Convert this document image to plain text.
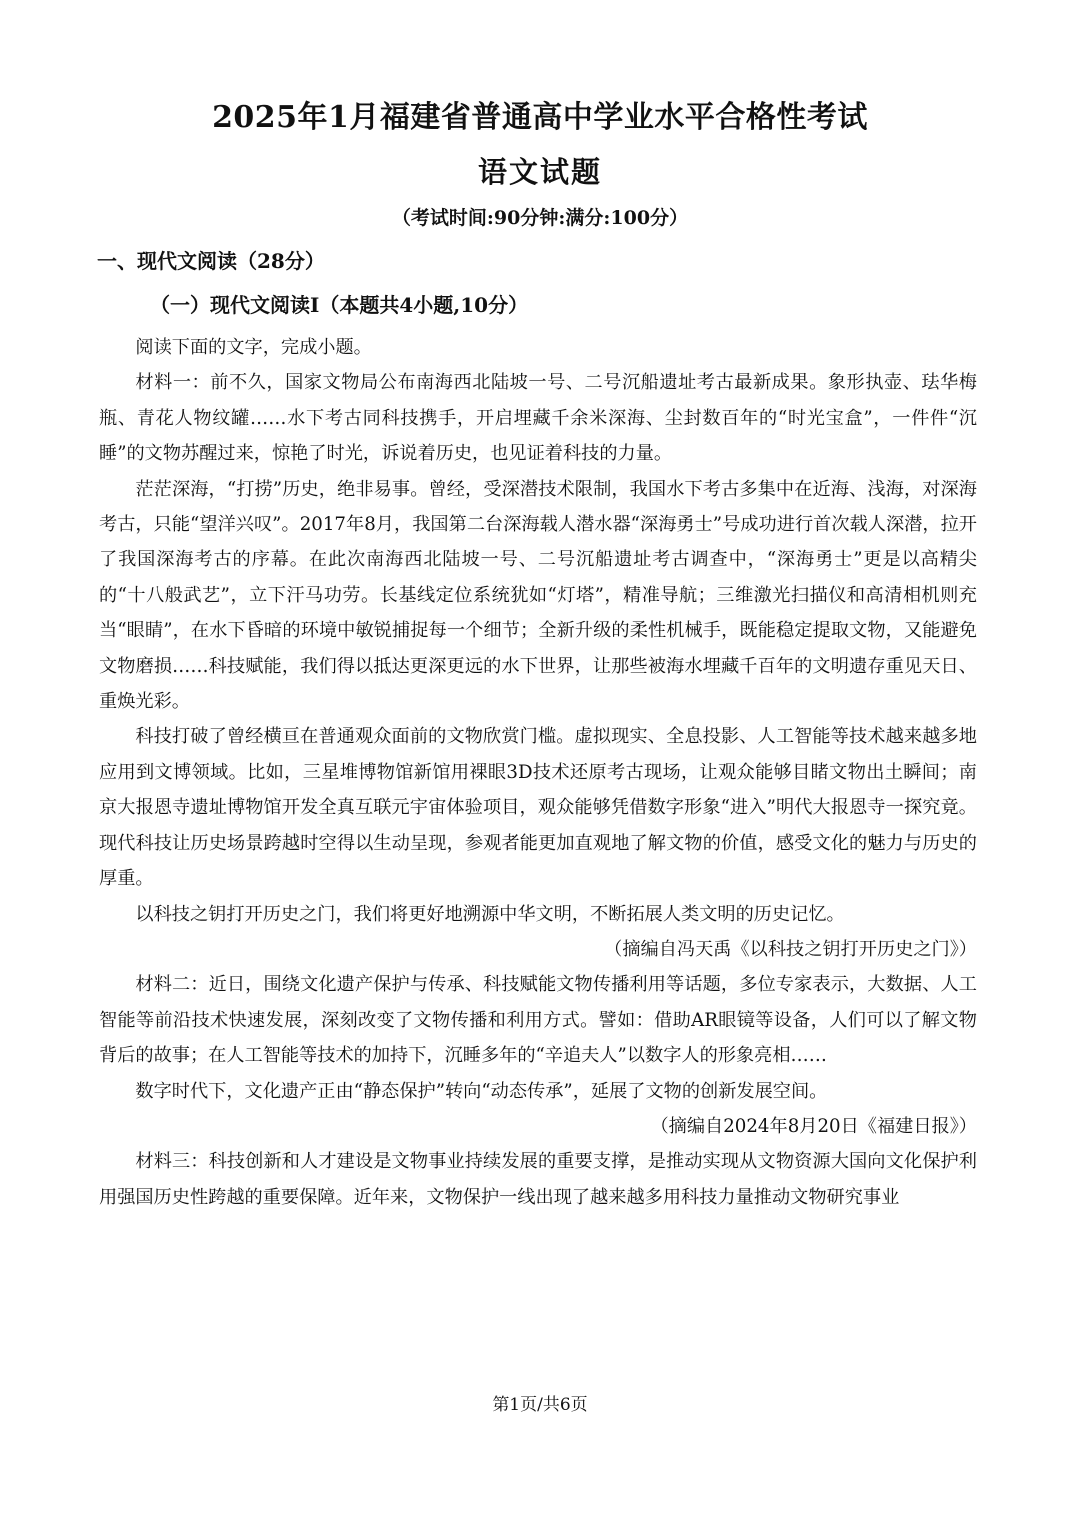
2025年1月福建省普通高中学业水平合格性考试
语文试题
（考试时间:90分钟:满分:100分）
一、现代文阅读（28分）
（一）现代文阅读Ⅰ（本题共4小题,10分）

阅读下面的文字，完成小题。

材料一：前不久，国家文物局公布南海西北陆坡一号、二号沉船遗址考古最新成果。象形执壶、珐华梅瓶、青花人物纹罐……水下考古同科技携手，开启埋藏千余米深海、尘封数百年的“时光宝盒”，一件件“沉睡”的文物苏醒过来，惊艳了时光，诉说着历史，也见证着科技的力量。

茫茫深海，“打捞”历史，绝非易事。曾经，受深潜技术限制，我国水下考古多集中在近海、浅海，对深海考古，只能“望洋兴叹”。2017年8月，我国第二台深海载人潜水器“深海勇士”号成功进行首次载人深潜，拉开了我国深海考古的序幕。在此次南海西北陆坡一号、二号沉船遗址考古调查中，“深海勇士”更是以高精尖的“十八般武艺”，立下汗马功劳。长基线定位系统犹如“灯塔”，精准导航；三维激光扫描仪和高清相机则充当“眼睛”，在水下昏暗的环境中敏锐捕捉每一个细节；全新升级的柔性机械手，既能稳定提取文物，又能避免文物磨损……科技赋能，我们得以抵达更深更远的水下世界，让那些被海水埋藏千百年的文明遗存重见天日、重焕光彩。

科技打破了曾经横亘在普通观众面前的文物欣赏门槛。虚拟现实、全息投影、人工智能等技术越来越多地应用到文博领域。比如，三星堆博物馆新馆用裸眼3D技术还原考古现场，让观众能够目睹文物出土瞬间；南京大报恩寺遗址博物馆开发全真互联元宇宙体验项目，观众能够凭借数字形象“进入”明代大报恩寺一探究竟。现代科技让历史场景跨越时空得以生动呈现，参观者能更加直观地了解文物的价值，感受文化的魅力与历史的厚重。

以科技之钥打开历史之门，我们将更好地溯源中华文明，不断拓展人类文明的历史记忆。

（摘编自冯天禹《以科技之钥打开历史之门》）

材料二：近日，围绕文化遗产保护与传承、科技赋能文物传播利用等话题，多位专家表示，大数据、人工智能等前沿技术快速发展，深刻改变了文物传播和利用方式。譬如：借助AR眼镜等设备，人们可以了解文物背后的故事；在人工智能等技术的加持下，沉睡多年的“辛追夫人”以数字人的形象亮相……

数字时代下，文化遗产正由“静态保护”转向“动态传承”，延展了文物的创新发展空间。

（摘编自2024年8月20日《福建日报》）

材料三：科技创新和人才建设是文物事业持续发展的重要支撑，是推动实现从文物资源大国向文化保护利用强国历史性跨越的重要保障。近年来，文物保护一线出现了越来越多用科技力量推动文物研究事业

第1页/共6页
